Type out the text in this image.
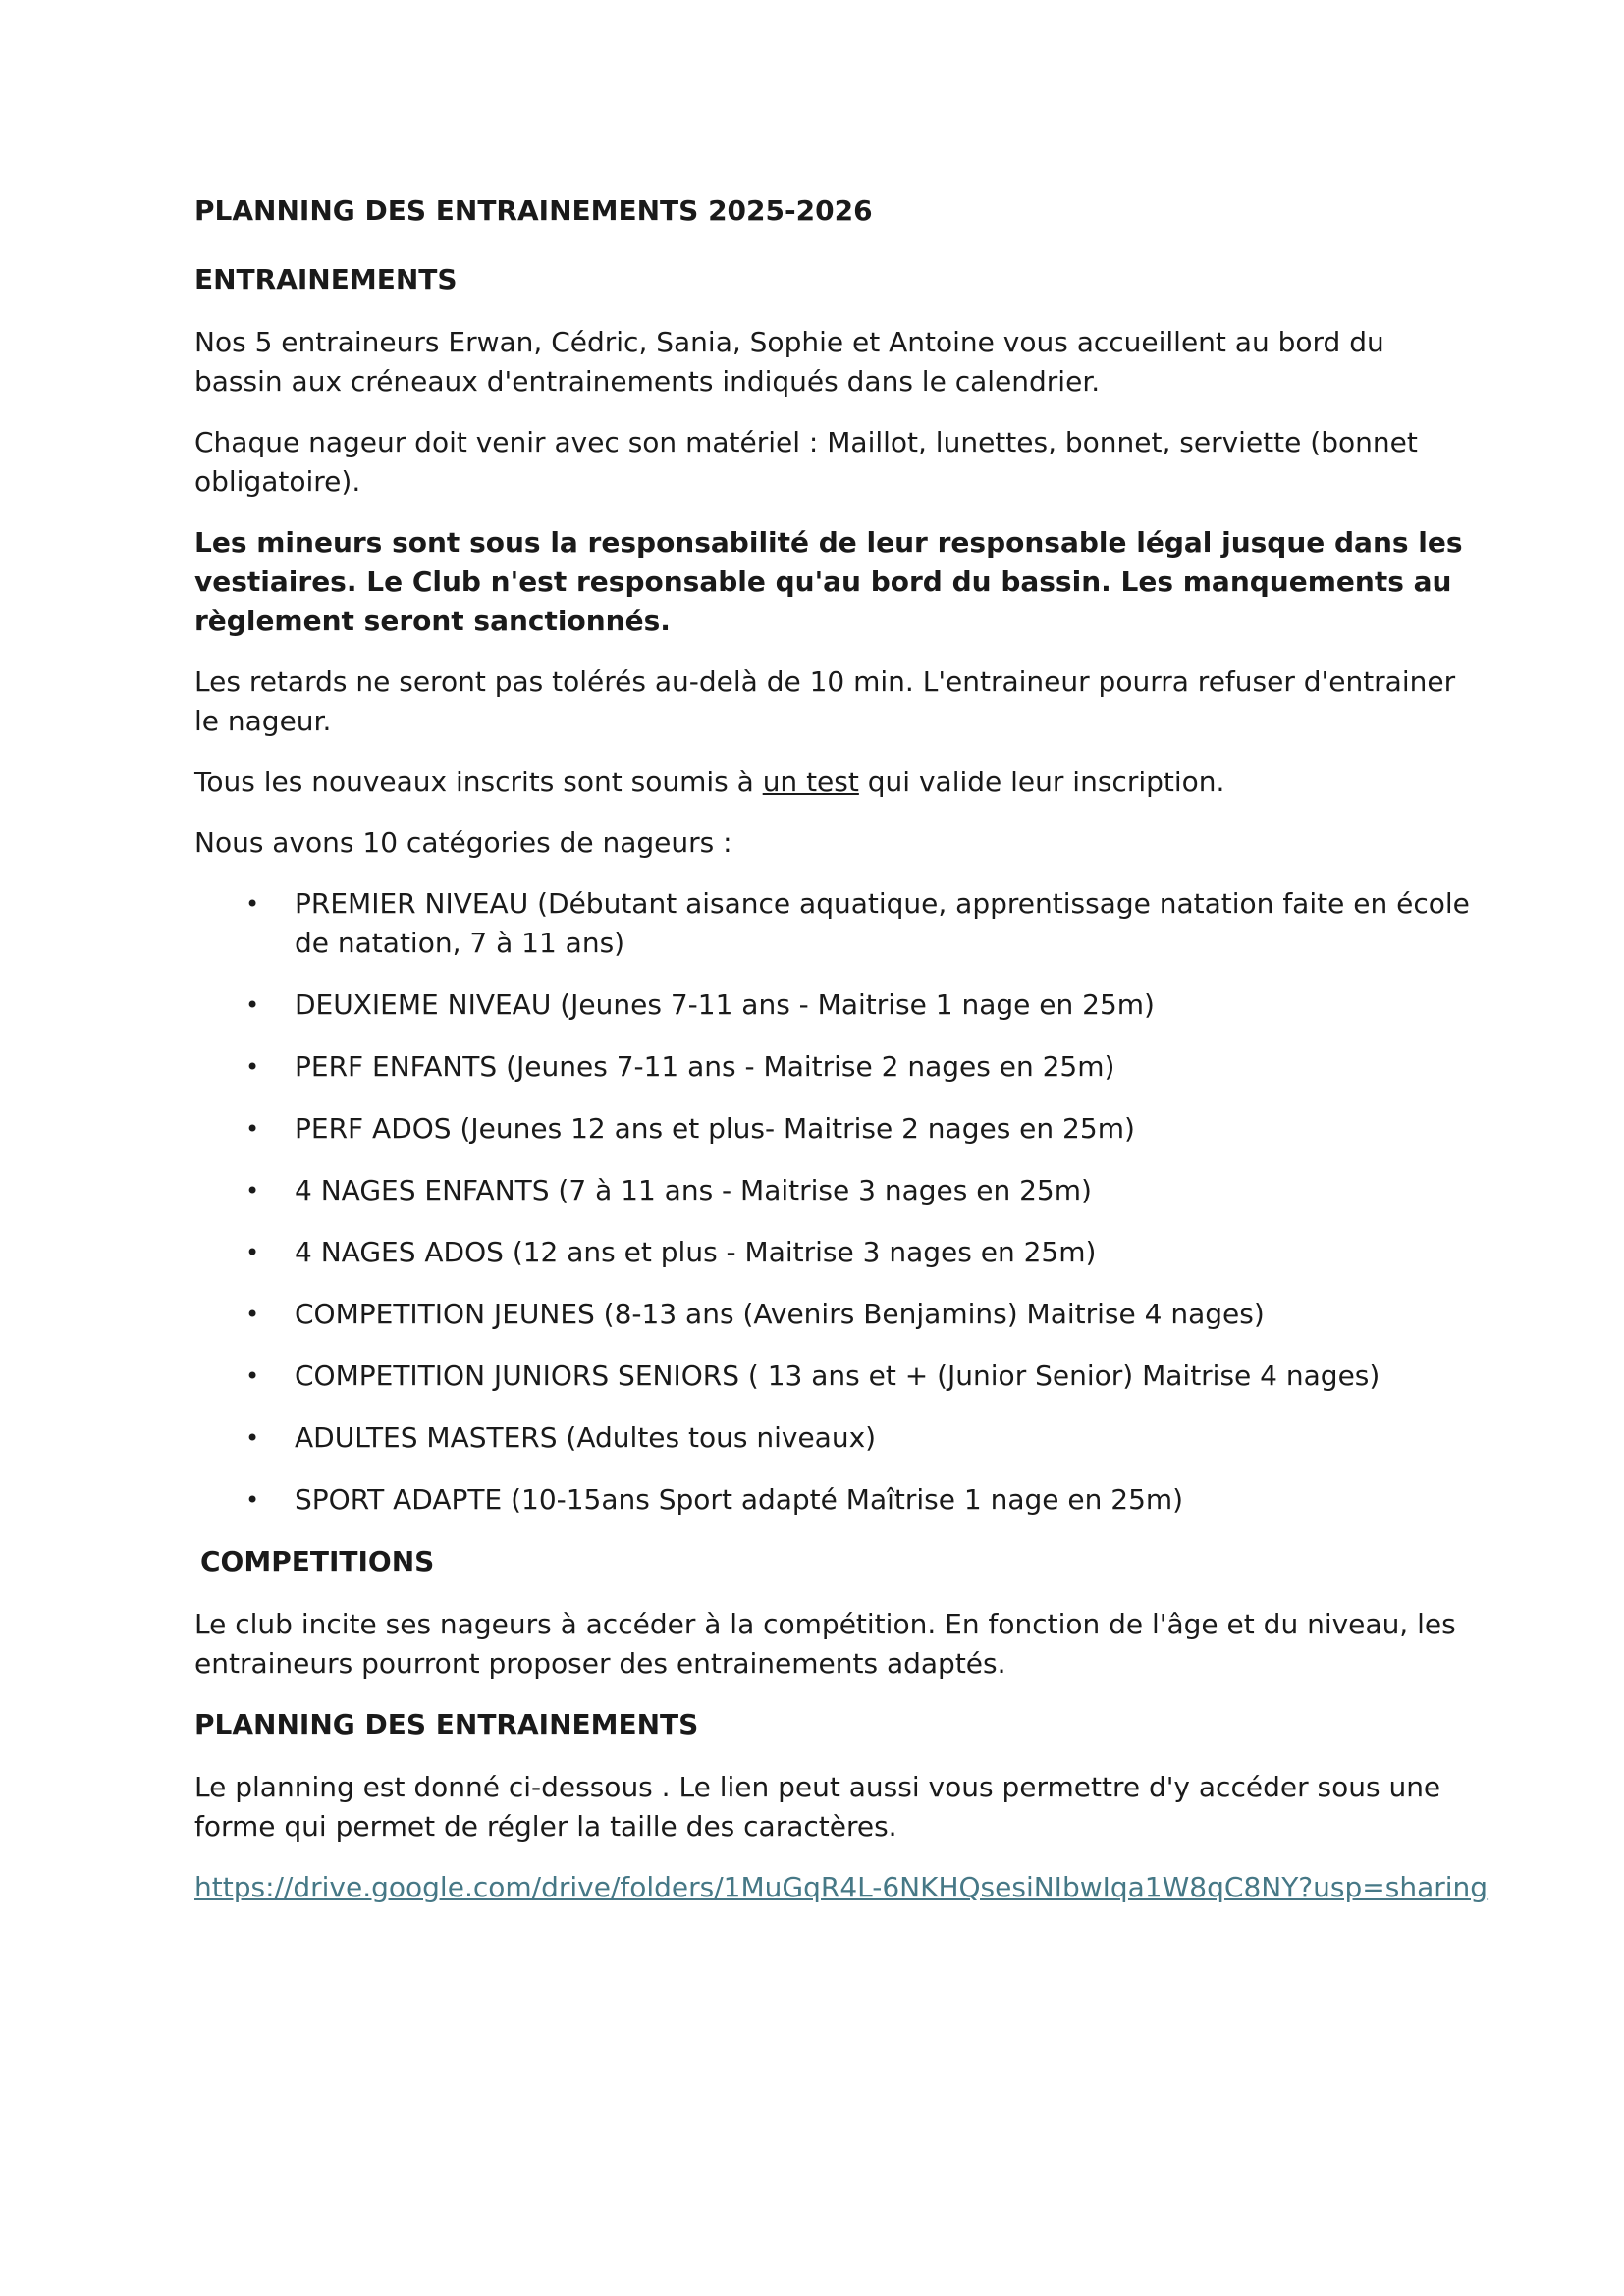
PLANNING DES ENTRAINEMENTS 2025-2026
ENTRAINEMENTS

Nos 5 entraineurs Erwan, Cédric, Sania, Sophie et Antoine vous accueillent au bord du bassin aux créneaux d'entrainements indiqués dans le calendrier.

Chaque nageur doit venir avec son matériel : Maillot, lunettes, bonnet, serviette (bonnet obligatoire).

Les mineurs sont sous la responsabilité de leur responsable légal jusque dans les vestiaires. Le Club n'est responsable qu'au bord du bassin. Les manquements au règlement seront sanctionnés.

Les retards ne seront pas tolérés au-delà de 10 min. L'entraineur pourra refuser d'entrainer le nageur.

Tous les nouveaux inscrits sont soumis à un test qui valide leur inscription.

Nous avons 10 catégories de nageurs :

• PREMIER NIVEAU (Débutant aisance aquatique, apprentissage natation faite en école de natation, 7 à 11 ans)
• DEUXIEME NIVEAU (Jeunes 7-11 ans - Maitrise 1 nage en 25m)
• PERF ENFANTS (Jeunes 7-11 ans - Maitrise 2 nages en 25m)
• PERF ADOS (Jeunes 12 ans et plus- Maitrise 2 nages en 25m)
• 4 NAGES ENFANTS (7 à 11 ans - Maitrise 3 nages en 25m)
• 4 NAGES ADOS (12 ans et plus - Maitrise 3 nages en 25m)
• COMPETITION JEUNES (8-13 ans (Avenirs Benjamins) Maitrise 4 nages)
• COMPETITION JUNIORS SENIORS ( 13 ans et + (Junior Senior) Maitrise 4 nages)
• ADULTES MASTERS (Adultes tous niveaux)
• SPORT ADAPTE (10-15ans Sport adapté Maîtrise 1 nage en 25m)
COMPETITIONS

Le club incite ses nageurs à accéder à la compétition. En fonction de l'âge et du niveau, les entraineurs pourront proposer des entrainements adaptés.

PLANNING DES ENTRAINEMENTS

Le planning est donné ci-dessous . Le lien peut aussi vous permettre d'y accéder sous une forme qui permet de régler la taille des caractères.

https://drive.google.com/drive/folders/1MuGqR4L-6NKHQsesiNIbwIqa1W8qC8NY?usp=sharing
